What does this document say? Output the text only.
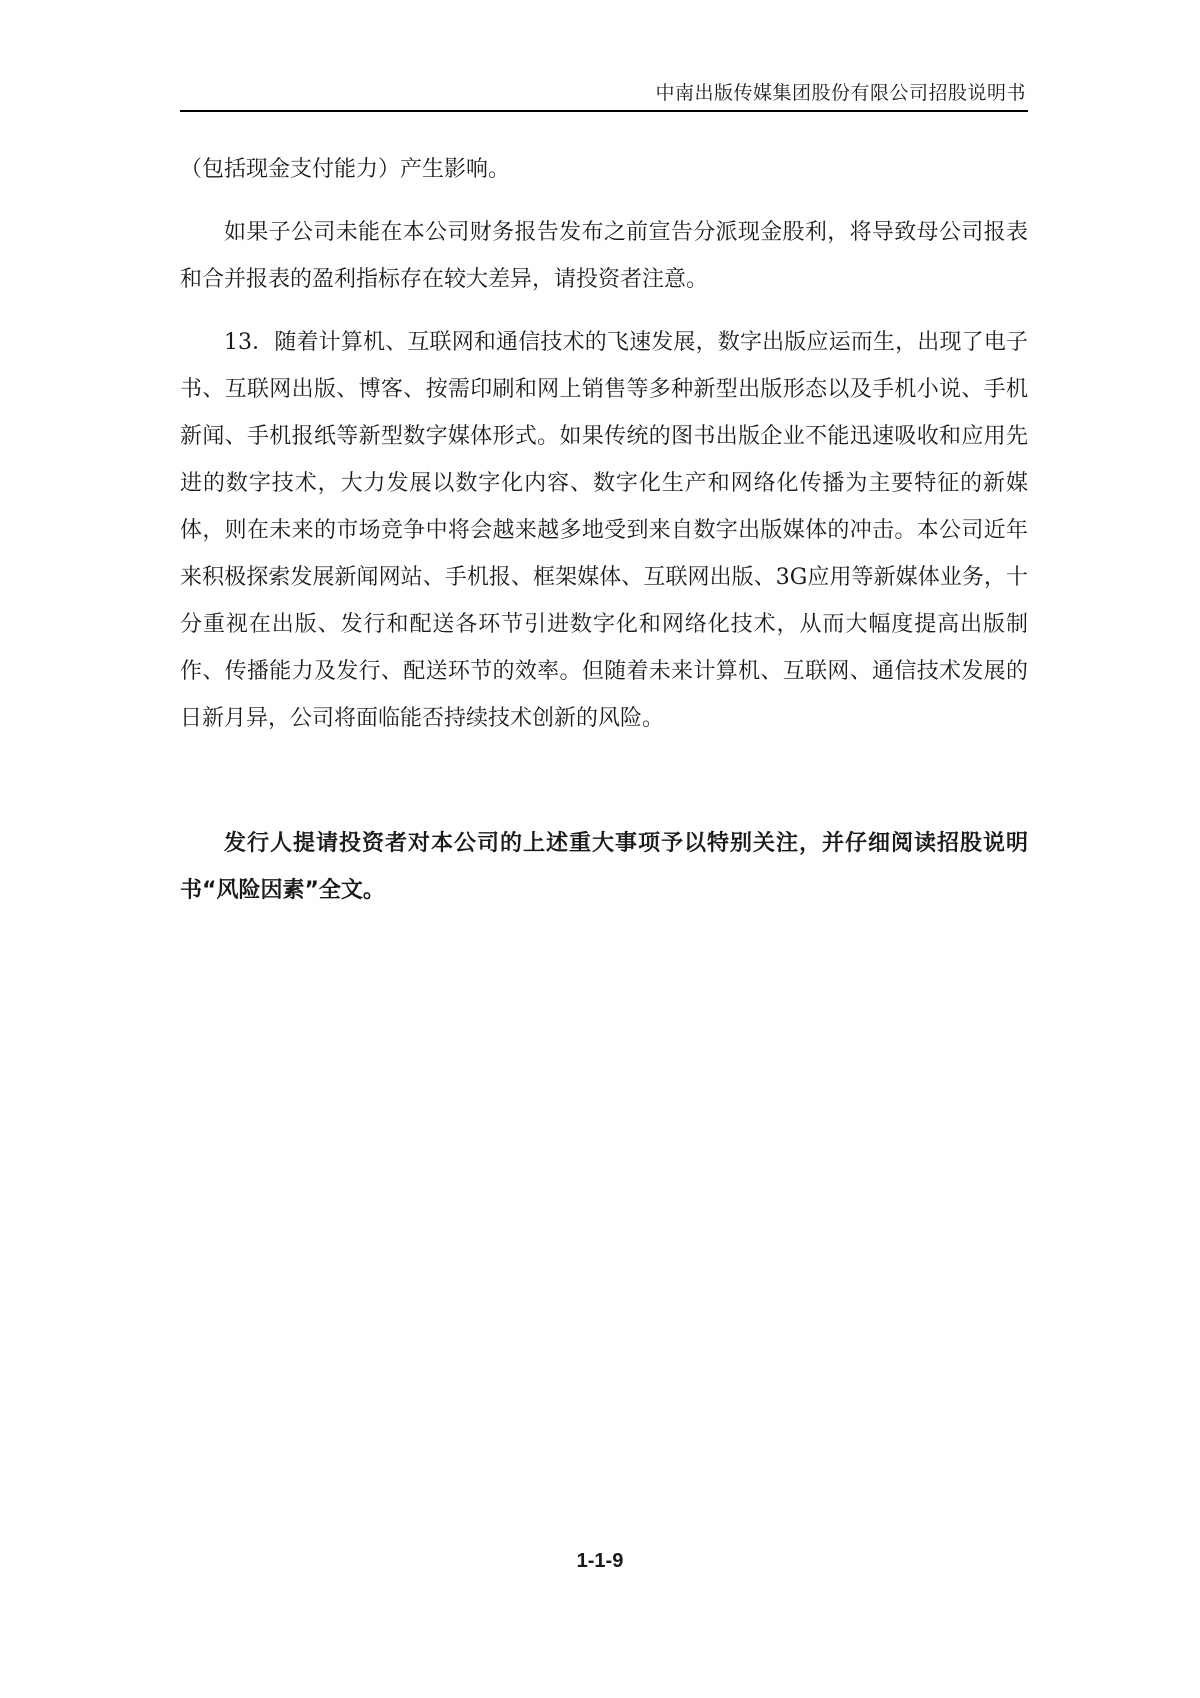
中南出版传媒集团股份有限公司招股说明书

（包括现金支付能力）产生影响。

如果子公司未能在本公司财务报告发布之前宣告分派现金股利，将导致母公司报表和合并报表的盈利指标存在较大差异，请投资者注意。

13．随着计算机、互联网和通信技术的飞速发展，数字出版应运而生，出现了电子书、互联网出版、博客、按需印刷和网上销售等多种新型出版形态以及手机小说、手机新闻、手机报纸等新型数字媒体形式。如果传统的图书出版企业不能迅速吸收和应用先进的数字技术，大力发展以数字化内容、数字化生产和网络化传播为主要特征的新媒体，则在未来的市场竞争中将会越来越多地受到来自数字出版媒体的冲击。本公司近年来积极探索发展新闻网站、手机报、框架媒体、互联网出版、3G应用等新媒体业务，十分重视在出版、发行和配送各环节引进数字化和网络化技术，从而大幅度提高出版制作、传播能力及发行、配送环节的效率。但随着未来计算机、互联网、通信技术发展的日新月异，公司将面临能否持续技术创新的风险。

发行人提请投资者对本公司的上述重大事项予以特别关注，并仔细阅读招股说明书“风险因素”全文。

1-1-9
